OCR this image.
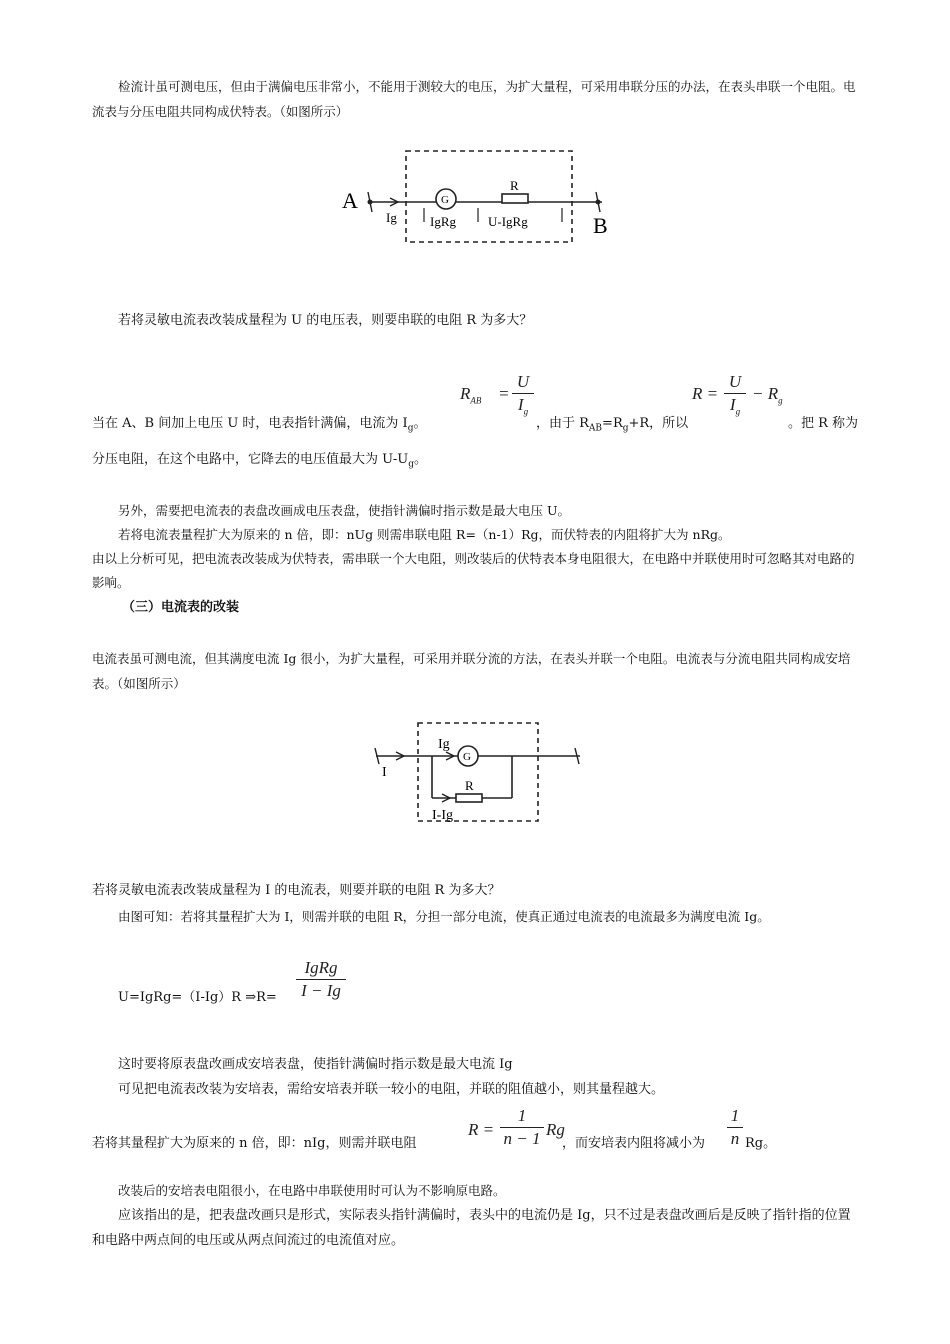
检流计虽可测电压，但由于满偏电压非常小，不能用于测较大的电压，为扩大量程，可采用串联分压的办法，在表头串联一个电阻。电流表与分压电阻共同构成伏特表。（如图所示）
A
B
Ig
G
R
IgRg U-IgRg
若将灵敏电流表改装成量程为 U 的电压表，则要串联的电阻 R 为多大？
$R_{AB}$ =
U
$I_g$
R =
U
$I_g$
− $R_g$
当在 A、B 间加上电压 U 时，电表指针满偏，电流为 $I_g$。	，由于 $R_{AB}=R_g+R$，所以	。把 R 称为
分压电阻，在这个电路中，它降去的电压值最大为 $U-U_g$。
另外，需要把电流表的表盘改画成电压表盘，使指针满偏时指示数是最大电压 U。
若将电流表量程扩大为原来的 n 倍，即：nUg 则需串联电阻 R=（n-1）Rg，而伏特表的内阻将扩大为 nRg。
由以上分析可见，把电流表改装成为伏特表，需串联一个大电阻，则改装后的伏特表本身电阻很大，在电路中并联使用时可忽略其对电路的影响。
（三）电流表的改装
电流表虽可测电流，但其满度电流 Ig 很小，为扩大量程，可采用并联分流的方法，在表头并联一个电阻。电流表与分流电阻共同构成安培表。（如图所示）
I
Ig
G
R
I-Ig
若将灵敏电流表改装成量程为 I 的电流表，则要并联的电阻 R 为多大？
由图可知：若将其量程扩大为 I，则需并联的电阻 R，分担一部分电流，使真正通过电流表的电流最多为满度电流 Ig。
U=IgRg=（I-Ig）R ⇒R=
IgRg
I − Ig
这时要将原表盘改画成安培表盘，使指针满偏时指示数是最大电流 Ig
可见把电流表改装为安培表，需给安培表并联一较小的电阻，并联的阻值越小，则其量程越大。
若将其量程扩大为原来的 n 倍，即：nIg，则需并联电阻
R =
1
n − 1 Rg
，而安培表内阻将减小为
1
n Rg。
改装后的安培表电阻很小，在电路中串联使用时可认为不影响原电路。
应该指出的是，把表盘改画只是形式，实际表头指针满偏时，表头中的电流仍是 Ig，只不过是表盘改画后是反映了指针指的位置和电路中两点间的电压或从两点间流过的电流值对应。
